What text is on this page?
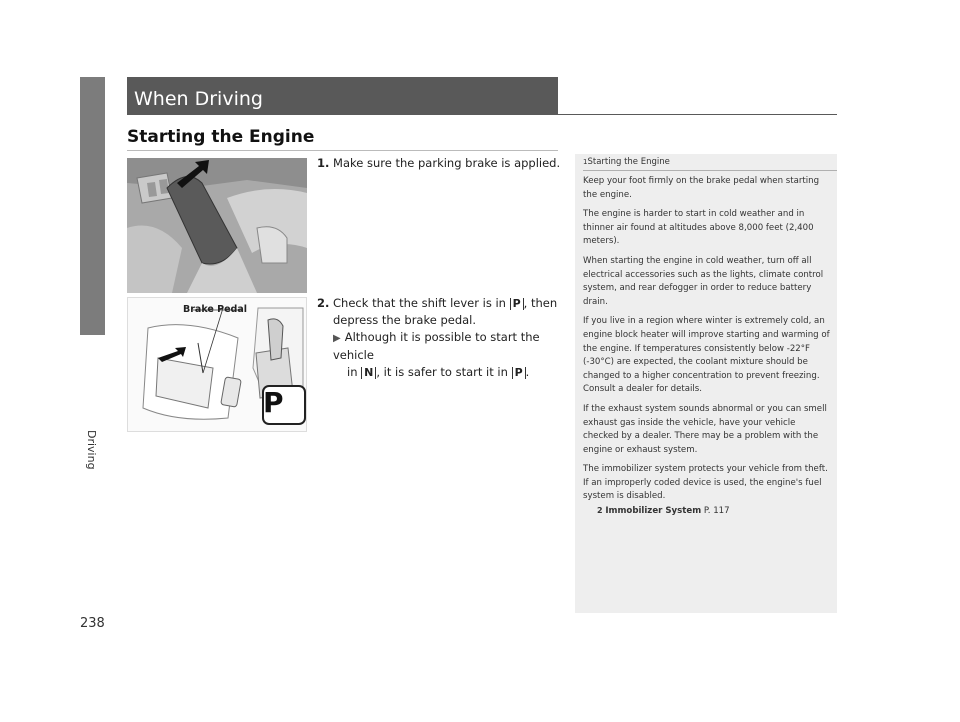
Driving
238
When Driving
Starting the Engine
Brake Pedal
P
1. Make sure the parking brake is applied.
2. Check that the shift lever is in P , then
depress the brake pedal.
▶ Although it is possible to start the vehicle
in N , it is safer to start it in P .
1Starting the Engine

Keep your foot firmly on the brake pedal when starting the engine.

The engine is harder to start in cold weather and in thinner air found at altitudes above 8,000 feet (2,400 meters).

When starting the engine in cold weather, turn off all electrical accessories such as the lights, climate control system, and rear defogger in order to reduce battery drain.

If you live in a region where winter is extremely cold, an engine block heater will improve starting and warming of the engine. If temperatures consistently below -22°F (-30°C) are expected, the coolant mixture should be changed to a higher concentration to prevent freezing. Consult a dealer for details.

If the exhaust system sounds abnormal or you can smell exhaust gas inside the vehicle, have your vehicle checked by a dealer. There may be a problem with the engine or exhaust system.

The immobilizer system protects your vehicle from theft. If an improperly coded device is used, the engine's fuel system is disabled.

2 Immobilizer System P. 117
